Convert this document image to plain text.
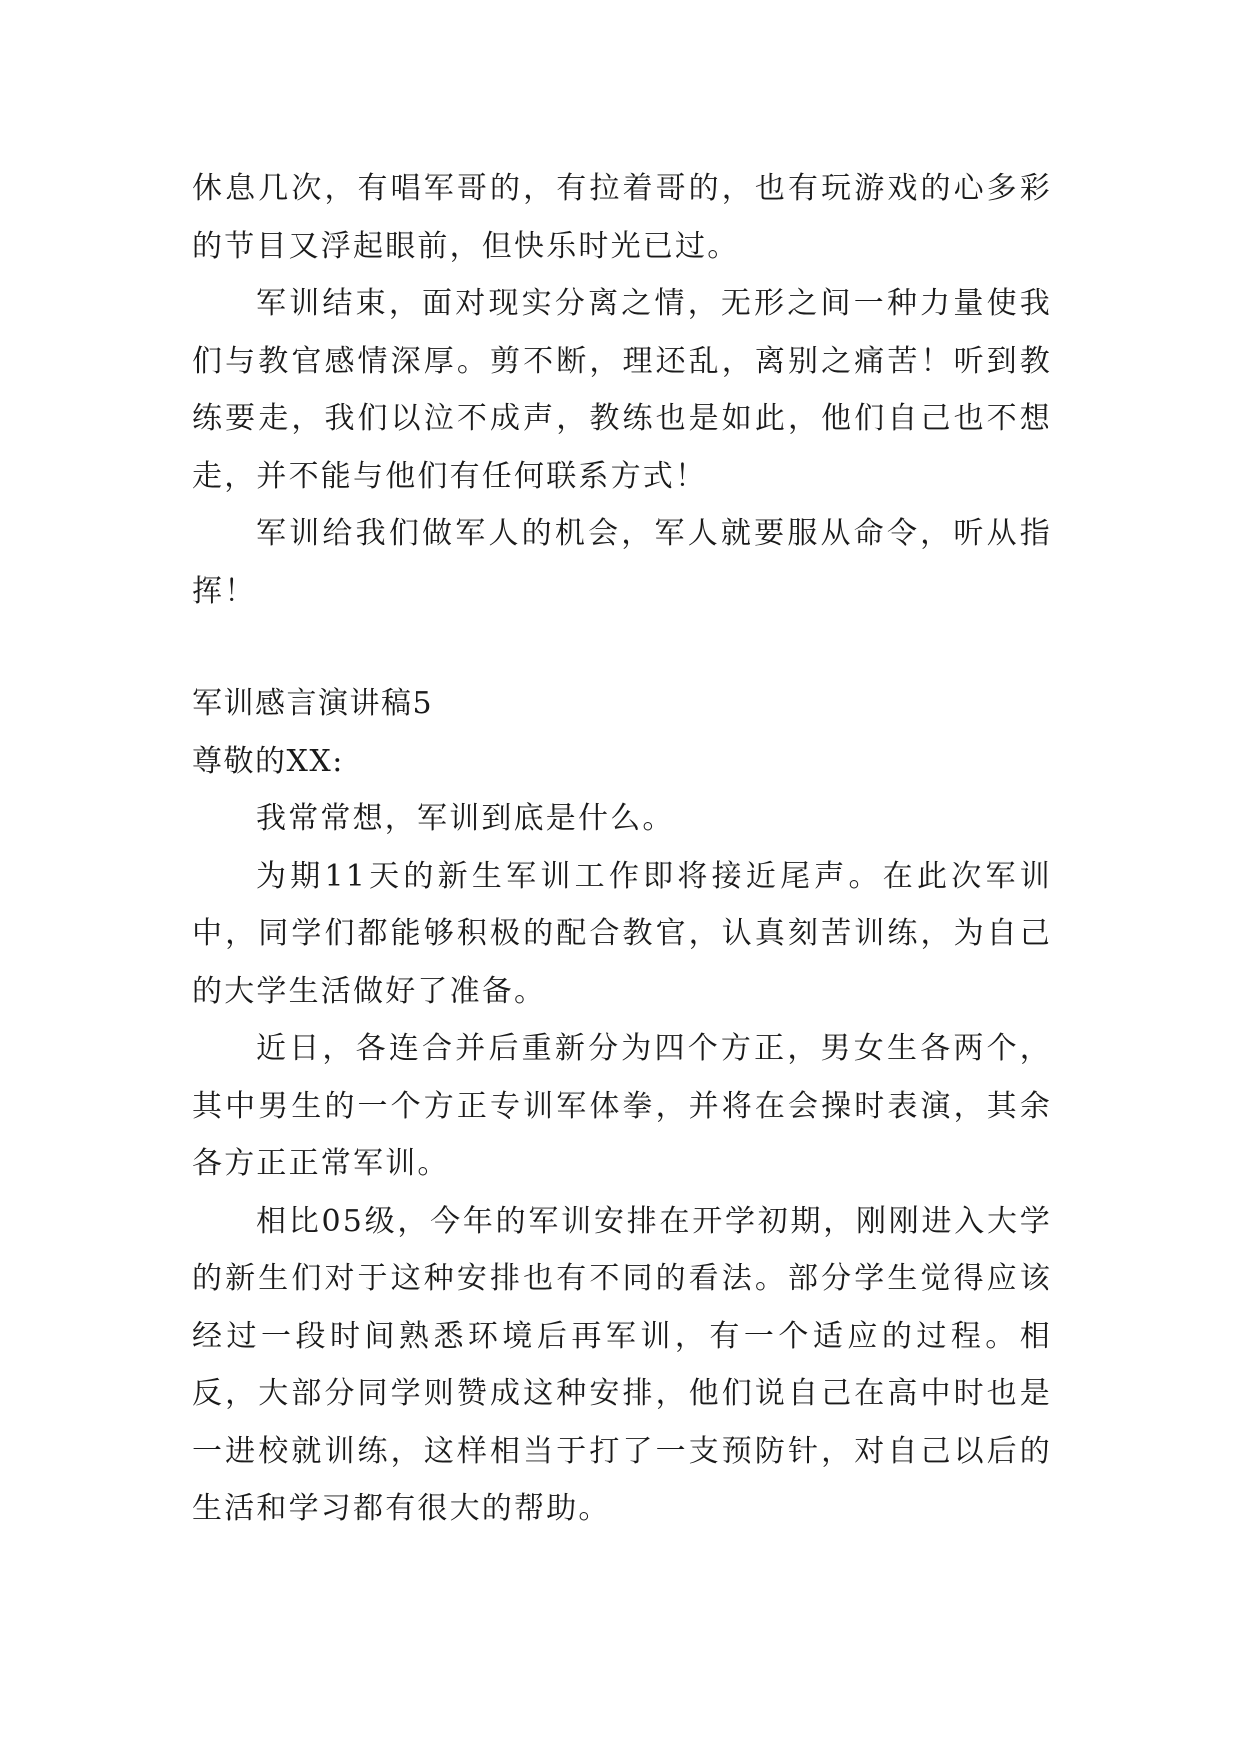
休息几次，有唱军哥的，有拉着哥的，也有玩游戏的心多彩的节目又浮起眼前，但快乐时光已过。

军训结束，面对现实分离之情，无形之间一种力量使我们与教官感情深厚。剪不断，理还乱，离别之痛苦！听到教练要走，我们以泣不成声，教练也是如此，他们自己也不想走，并不能与他们有任何联系方式！

军训给我们做军人的机会，军人就要服从命令，听从指挥！

军训感言演讲稿5

尊敬的XX:

我常常想，军训到底是什么。

为期11天的新生军训工作即将接近尾声。在此次军训中，同学们都能够积极的配合教官，认真刻苦训练，为自己的大学生活做好了准备。

近日，各连合并后重新分为四个方正，男女生各两个，其中男生的一个方正专训军体拳，并将在会操时表演，其余各方正正常军训。

相比05级，今年的军训安排在开学初期，刚刚进入大学的新生们对于这种安排也有不同的看法。部分学生觉得应该经过一段时间熟悉环境后再军训，有一个适应的过程。相反，大部分同学则赞成这种安排，他们说自己在高中时也是一进校就训练，这样相当于打了一支预防针，对自己以后的生活和学习都有很大的帮助。
